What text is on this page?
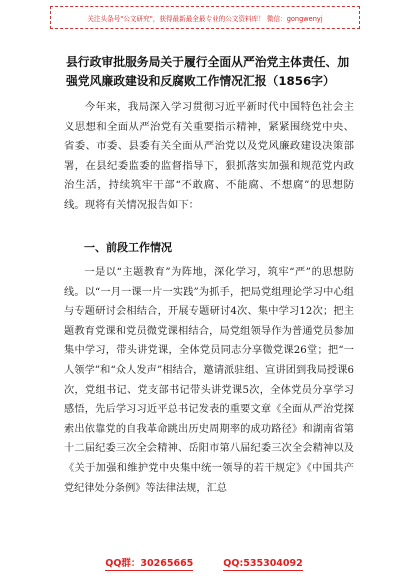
关注头条号"公文研究"，获得最新最全最专业的公文资料库！ 微信：gongwenyj
县行政审批服务局关于履行全面从严治党主体责任、加强党风廉政建设和反腐败工作情况汇报（1856字）

今年来，我局深入学习贯彻习近平新时代中国特色社会主义思想和全面从严治党有关重要指示精神，紧紧围绕党中央、省委、市委、县委有关全面从严治党以及党风廉政建设决策部署，在县纪委监委的监督指导下，狠抓落实加强和规范党内政治生活，持续筑牢干部“不敢腐、不能腐、不想腐”的思想防线。现将有关情况报告如下：

一、前段工作情况

一是以“主题教育”为阵地，深化学习，筑牢“严”的思想防线。以“一月一课一片一实践”为抓手，把局党组理论学习中心组与专题研讨会相结合，开展专题研讨4次、集中学习12次；把主题教育党课和党员微党课相结合，局党组领导作为普通党员参加集中学习，带头讲党课，全体党员同志分享微党课26堂；把“一人领学”和“众人发声”相结合，邀请派驻组、宣讲团到我局授课6次，党组书记、党支部书记带头讲党课5次，全体党员分享学习感悟，先后学习习近平总书记发表的重要文章《全面从严治党探索出依靠党的自我革命跳出历史周期率的成功路径》和湖南省第十二届纪委三次全会精神、岳阳市第八届纪委三次全会精神以及《关于加强和维护党中央集中统一领导的若干规定》《中国共产党纪律处分条例》等法律法规，汇总

QQ群：30265665	QQ:535304092
